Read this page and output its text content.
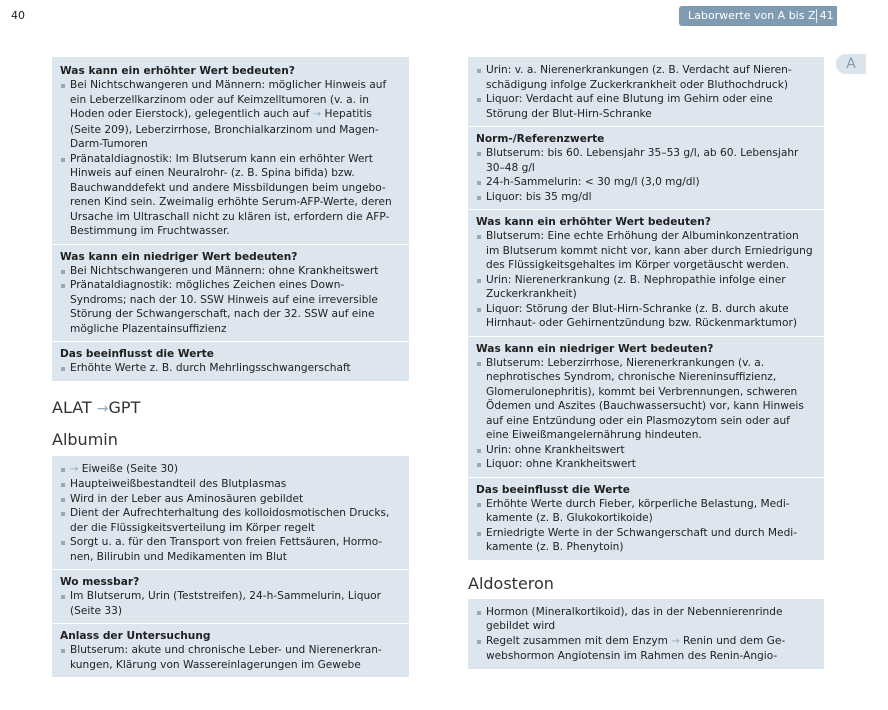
40	Laborwerte von A bis Z 41
A
Was kann ein erhöhter Wert bedeuten?
Bei Nichtschwangeren und Männern: möglicher Hinweis auf
ein Leberzellkarzinom oder auf Keimzelltumoren (v. a. in
Hoden oder Eierstock), gelegentlich auch auf → Hepatitis
(Seite 209), Leberzirrhose, Bronchialkarzinom und Magen-
Darm-Tumoren
Pränataldiagnostik: Im Blutserum kann ein erhöhter Wert
Hinweis auf einen Neuralrohr- (z. B. Spina bifida) bzw.
Bauchwanddefekt und andere Missbildungen beim ungebo-
renen Kind sein. Zweimalig erhöhte Serum-AFP-Werte, deren
Ursache im Ultraschall nicht zu klären ist, erfordern die AFP-
Bestimmung im Fruchtwasser.
Was kann ein niedriger Wert bedeuten?
Bei Nichtschwangeren und Männern: ohne Krankheitswert
Pränataldiagnostik: mögliches Zeichen eines Down-
Syndroms; nach der 10. SSW Hinweis auf eine irreversible
Störung der Schwangerschaft, nach der 32. SSW auf eine
mögliche Plazentainsuffizienz
Das beeinflusst die Werte
Erhöhte Werte z. B. durch Mehrlingsschwangerschaft
ALAT →GPT
Albumin
→ Eiweiße (Seite 30)
Haupteiweißbestandteil des Blutplasmas
Wird in der Leber aus Aminosäuren gebildet
Dient der Aufrechterhaltung des kolloidosmotischen Drucks,
der die Flüssigkeitsverteilung im Körper regelt
Sorgt u. a. für den Transport von freien Fettsäuren, Hormo-
nen, Bilirubin und Medikamenten im Blut
Wo messbar?
Im Blutserum, Urin (Teststreifen), 24-h-Sammelurin, Liquor
(Seite 33)
Anlass der Untersuchung
Blutserum: akute und chronische Leber- und Nierenerkran-
kungen, Klärung von Wassereinlagerungen im Gewebe
Urin: v. a. Nierenerkrankungen (z. B. Verdacht auf Nieren-
schädigung infolge Zuckerkrankheit oder Bluthochdruck)
Liquor: Verdacht auf eine Blutung im Gehirn oder eine
Störung der Blut-Hirn-Schranke
Norm-/Referenzwerte
Blutserum: bis 60. Lebensjahr 35–53 g/l, ab 60. Lebensjahr
30–48 g/l
24-h-Sammelurin: < 30 mg/l (3,0 mg/dl)
Liquor: bis 35 mg/dl
Was kann ein erhöhter Wert bedeuten?
Blutserum: Eine echte Erhöhung der Albuminkonzentration
im Blutserum kommt nicht vor, kann aber durch Erniedrigung
des Flüssigkeitsgehaltes im Körper vorgetäuscht werden.
Urin: Nierenerkrankung (z. B. Nephropathie infolge einer
Zuckerkrankheit)
Liquor: Störung der Blut-Hirn-Schranke (z. B. durch akute
Hirnhaut- oder Gehirnentzündung bzw. Rückenmarktumor)
Was kann ein niedriger Wert bedeuten?
Blutserum: Leberzirrhose, Nierenerkrankungen (v. a.
nephrotisches Syndrom, chronische Niereninsuffizienz,
Glomerulonephritis), kommt bei Verbrennungen, schweren
Ödemen und Aszites (Bauchwassersucht) vor, kann Hinweis
auf eine Entzündung oder ein Plasmozytom sein oder auf
eine Eiweißmangelernährung hindeuten.
Urin: ohne Krankheitswert
Liquor: ohne Krankheitswert
Das beeinflusst die Werte
Erhöhte Werte durch Fieber, körperliche Belastung, Medi-
kamente (z. B. Glukokortikoide)
Erniedrigte Werte in der Schwangerschaft und durch Medi-
kamente (z. B. Phenytoin)
Aldosteron
Hormon (Mineralkortikoid), das in der Nebennierenrinde
gebildet wird
Regelt zusammen mit dem Enzym → Renin und dem Ge-
webshormon Angiotensin im Rahmen des Renin-Angio-
